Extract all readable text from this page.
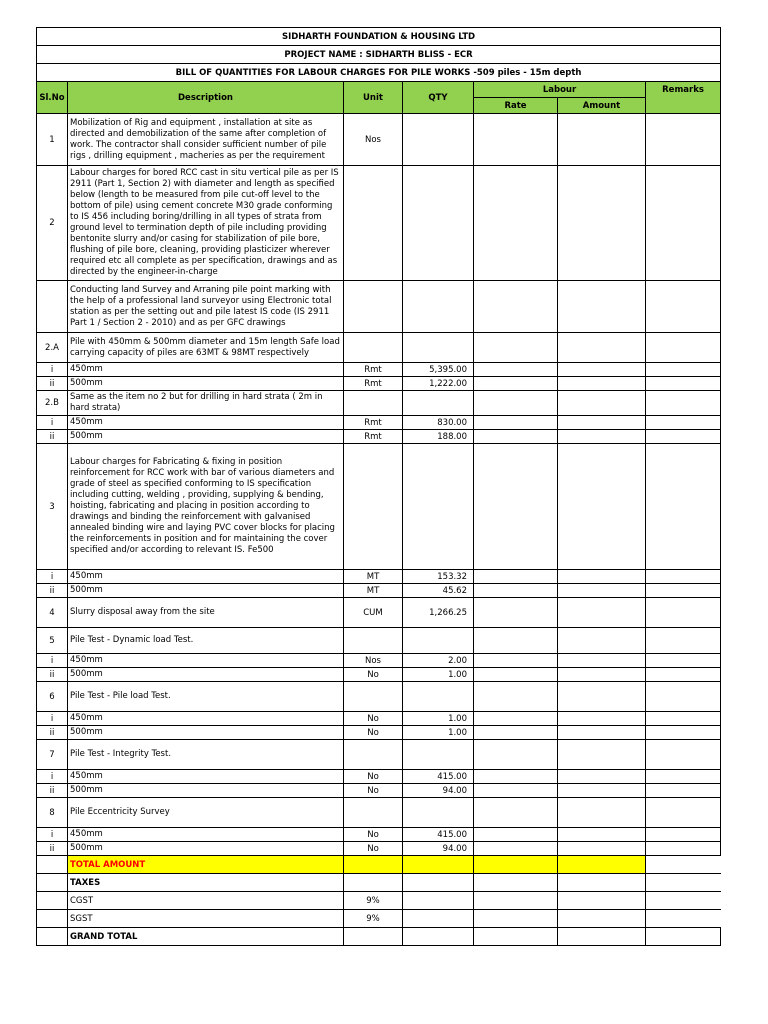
SIDHARTH FOUNDATION & HOUSING LTD						
PROJECT NAME : SIDHARTH BLISS - ECR						
BILL OF QUANTITIES FOR LABOUR CHARGES FOR PILE WORKS -509 piles - 15m depth						
Sl.No	Description	Unit	QTY	Labour		Remarks
				Rate	Amount	
1	Mobilization of Rig and equipment , installation at site as directed and demobilization of the same after completion of work. The contractor shall consider sufficient number of pile rigs , drilling equipment , macheries as per the requirement	Nos				
2	Labour charges for bored RCC cast in situ vertical pile as per IS 2911 (Part 1, Section 2) with diameter and length as specified below (length to be measured from pile cut-off level to the bottom of pile) using cement concrete M30 grade conforming to IS 456 including boring/drilling in all types of strata from ground level to termination depth of pile including providing bentonite slurry and/or casing for stabilization of pile bore, flushing of pile bore, cleaning, providing plasticizer wherever required etc all complete as per specification, drawings and as directed by the engineer-in-charge					
	Conducting land Survey and Arraning pile point marking with the help of a professional land surveyor using Electronic total station as per the setting out and pile latest IS code (IS 2911 Part 1 / Section 2 - 2010) and as per GFC drawings					
2.A	Pile with 450mm & 500mm diameter and 15m length Safe load carrying capacity of piles are 63MT & 98MT respectively					
i	450mm	Rmt	5,395.00			
ii	500mm	Rmt	1,222.00			
2.B	Same as the item no 2 but for drilling in hard strata ( 2m in hard strata)					
i	450mm	Rmt	830.00			
ii	500mm	Rmt	188.00			
3	Labour charges for Fabricating & fixing in position reinforcement for RCC work with bar of various diameters and grade of steel as specified conforming to IS specification including cutting, welding , providing, supplying & bending, hoisting, fabricating and placing in position according to drawings and binding the reinforcement with galvanised annealed binding wire and laying PVC cover blocks for placing the reinforcements in position and for maintaining the cover specified and/or according to relevant IS. Fe500					
i	450mm	MT	153.32			
ii	500mm	MT	45.62			
4	Slurry disposal away from the site	CUM	1,266.25			
5	Pile Test - Dynamic load Test.					
i	450mm	Nos	2.00			
ii	500mm	No	1.00			
6	Pile Test - Pile load Test.					
i	450mm	No	1.00			
ii	500mm	No	1.00			
7	Pile Test - Integrity Test.					
i	450mm	No	415.00			
ii	500mm	No	94.00			
8	Pile Eccentricity Survey					
i	450mm	No	415.00			
ii	500mm	No	94.00			
	TOTAL AMOUNT					
	TAXES					
	CGST	9%				
	SGST	9%				
	GRAND TOTAL					
